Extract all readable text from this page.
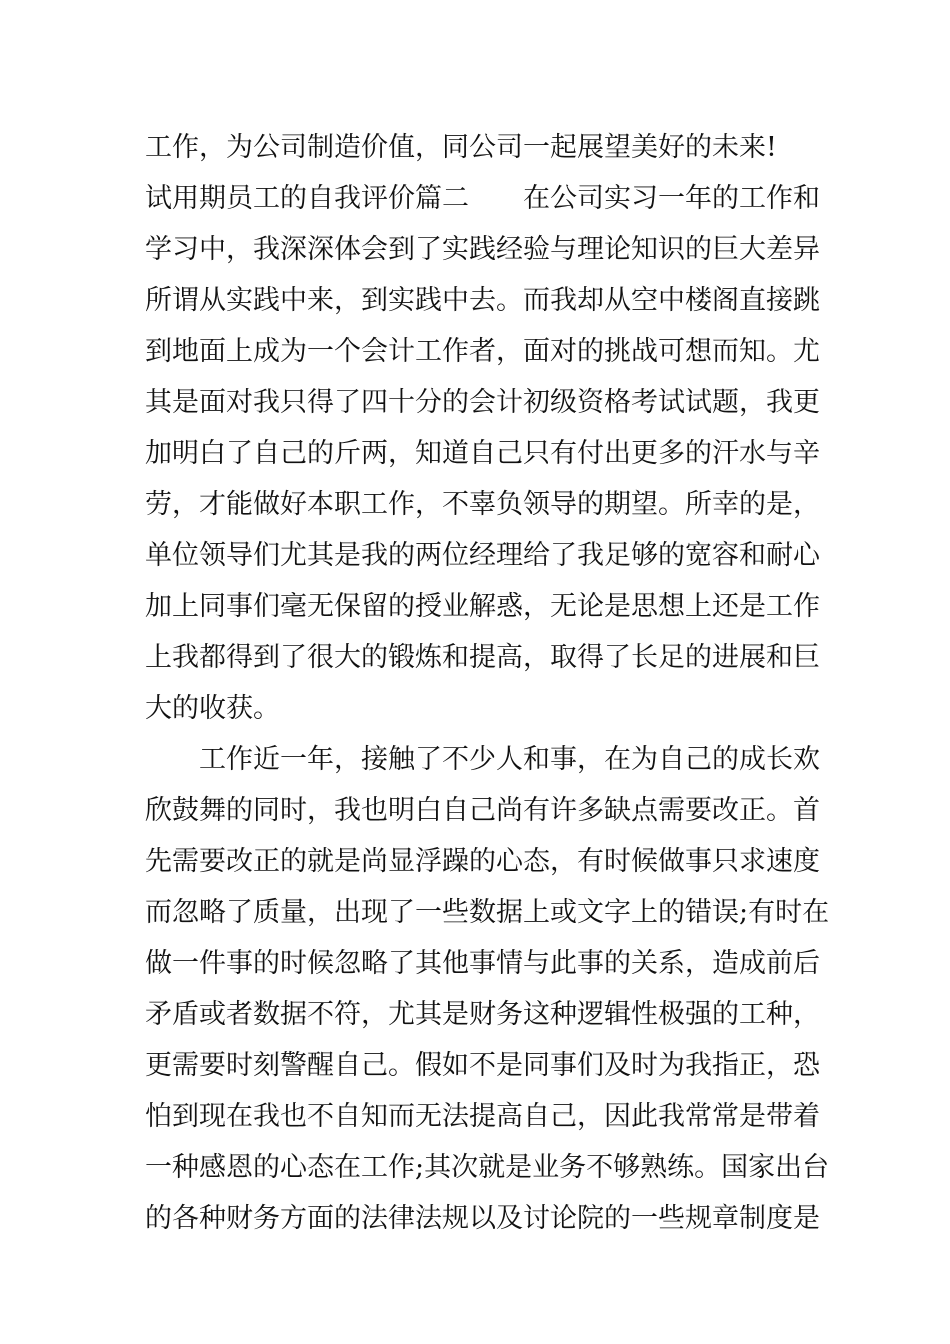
工作，为公司制造价值，同公司一起展望美好的未来!
试用期员工的自我评价篇二　　在公司实习一年的工作和
学习中，我深深体会到了实践经验与理论知识的巨大差异
所谓从实践中来，到实践中去。而我却从空中楼阁直接跳
到地面上成为一个会计工作者，面对的挑战可想而知。尤
其是面对我只得了四十分的会计初级资格考试试题，我更
加明白了自己的斤两，知道自己只有付出更多的汗水与辛
劳，才能做好本职工作，不辜负领导的期望。所幸的是，
单位领导们尤其是我的两位经理给了我足够的宽容和耐心
加上同事们毫无保留的授业解惑，无论是思想上还是工作
上我都得到了很大的锻炼和提高，取得了长足的进展和巨
大的收获。
工作近一年，接触了不少人和事，在为自己的成长欢
欣鼓舞的同时，我也明白自己尚有许多缺点需要改正。首
先需要改正的就是尚显浮躁的心态，有时候做事只求速度
而忽略了质量，出现了一些数据上或文字上的错误;有时在
做一件事的时候忽略了其他事情与此事的关系，造成前后
矛盾或者数据不符，尤其是财务这种逻辑性极强的工种，
更需要时刻警醒自己。假如不是同事们及时为我指正，恐
怕到现在我也不自知而无法提高自己，因此我常常是带着
一种感恩的心态在工作;其次就是业务不够熟练。国家出台
的各种财务方面的法律法规以及讨论院的一些规章制度是
